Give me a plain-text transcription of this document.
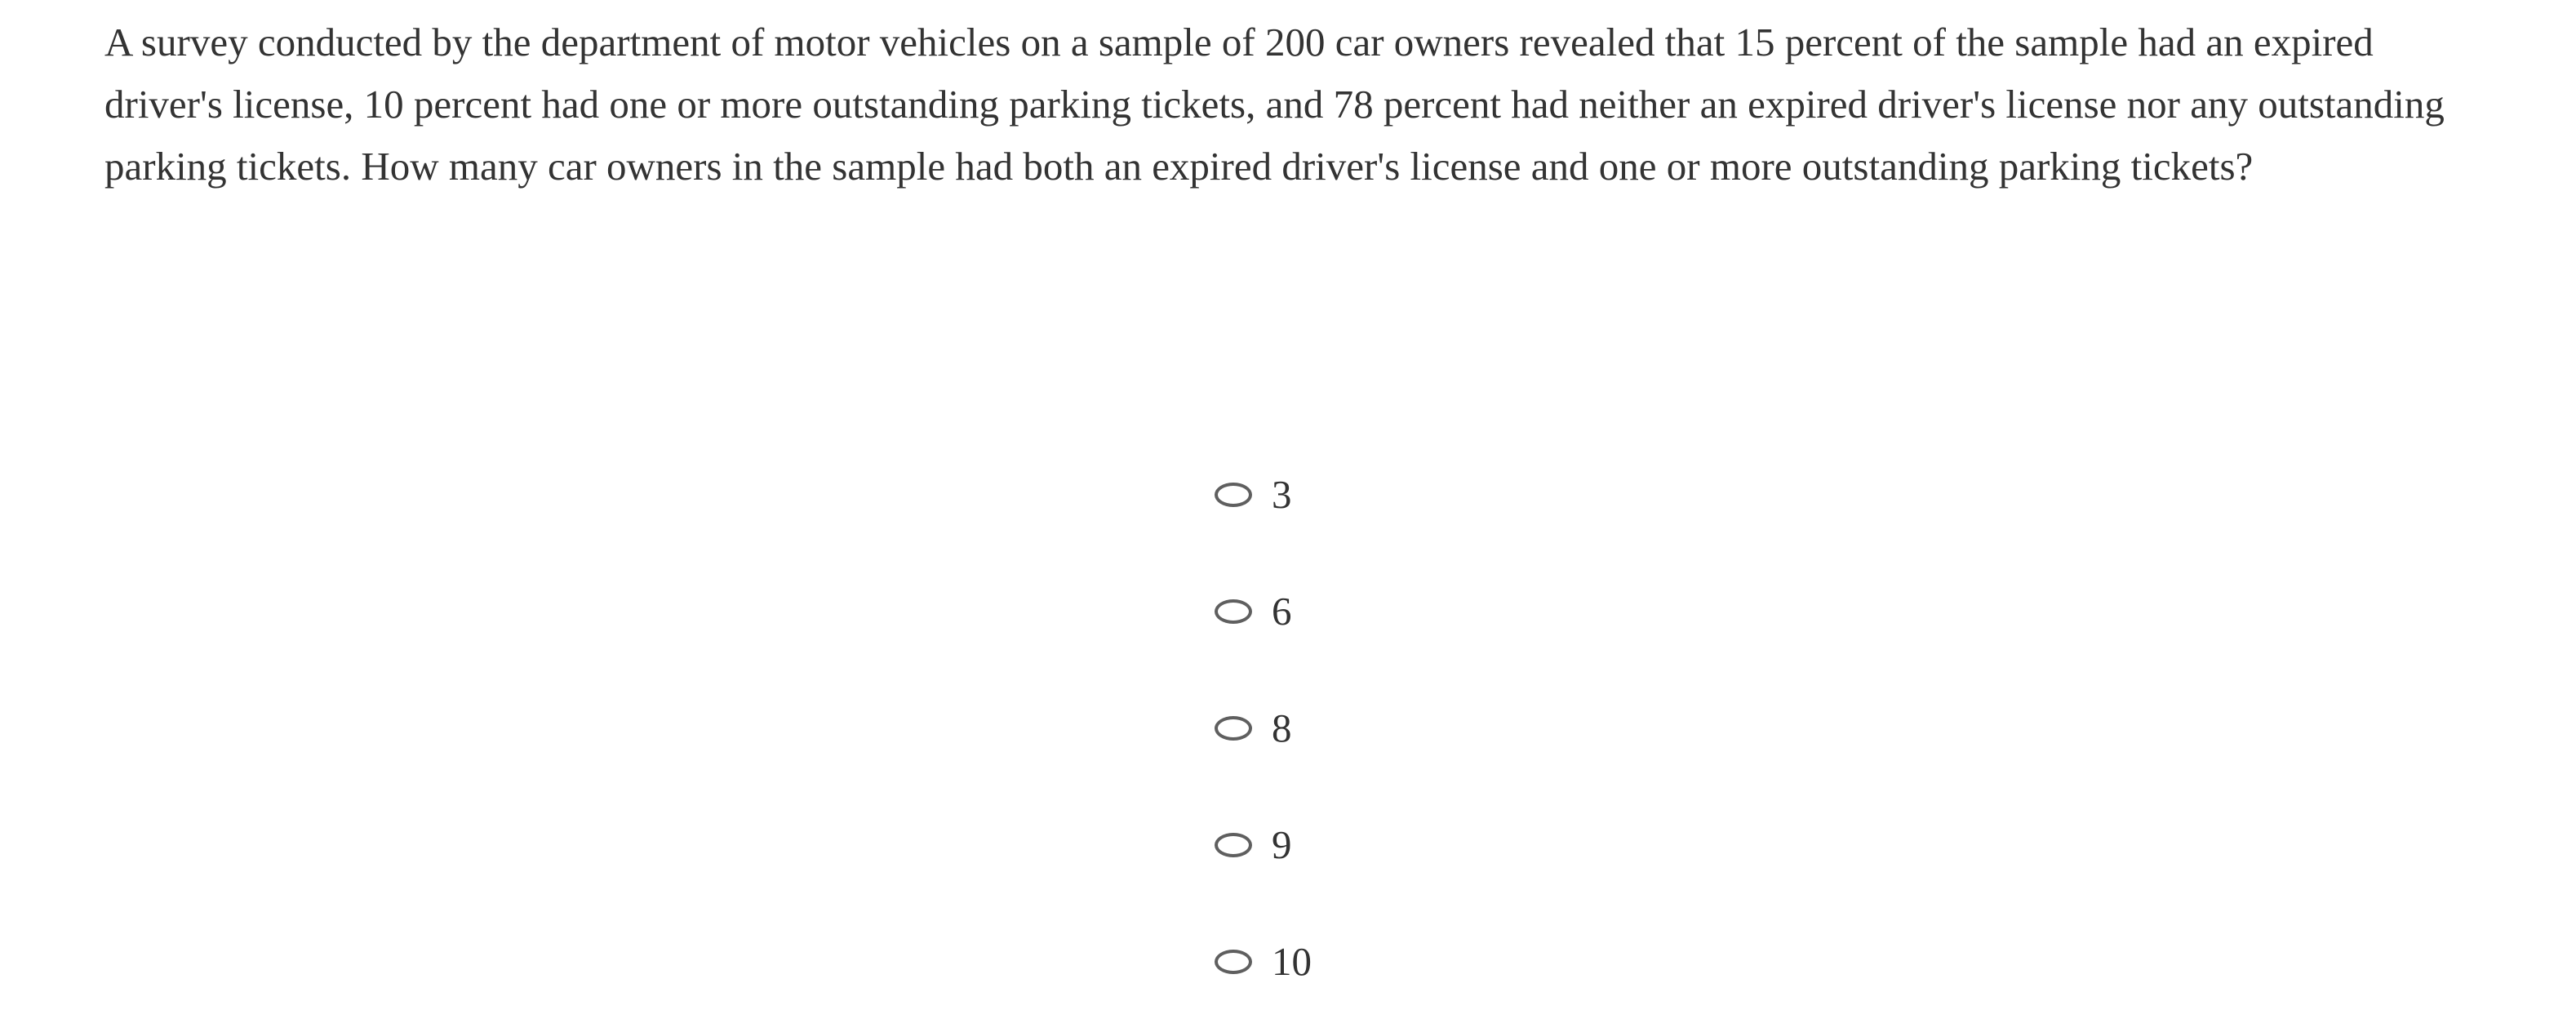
A survey conducted by the department of motor vehicles on a sample of 200 car owners revealed that 15 percent of the sample had an expired driver's license, 10 percent had one or more outstanding parking tickets, and 78 percent had neither an expired driver's license nor any outstanding parking tickets. How many car owners in the sample had both an expired driver's license and one or more outstanding parking tickets?

3
6
8
9
10
